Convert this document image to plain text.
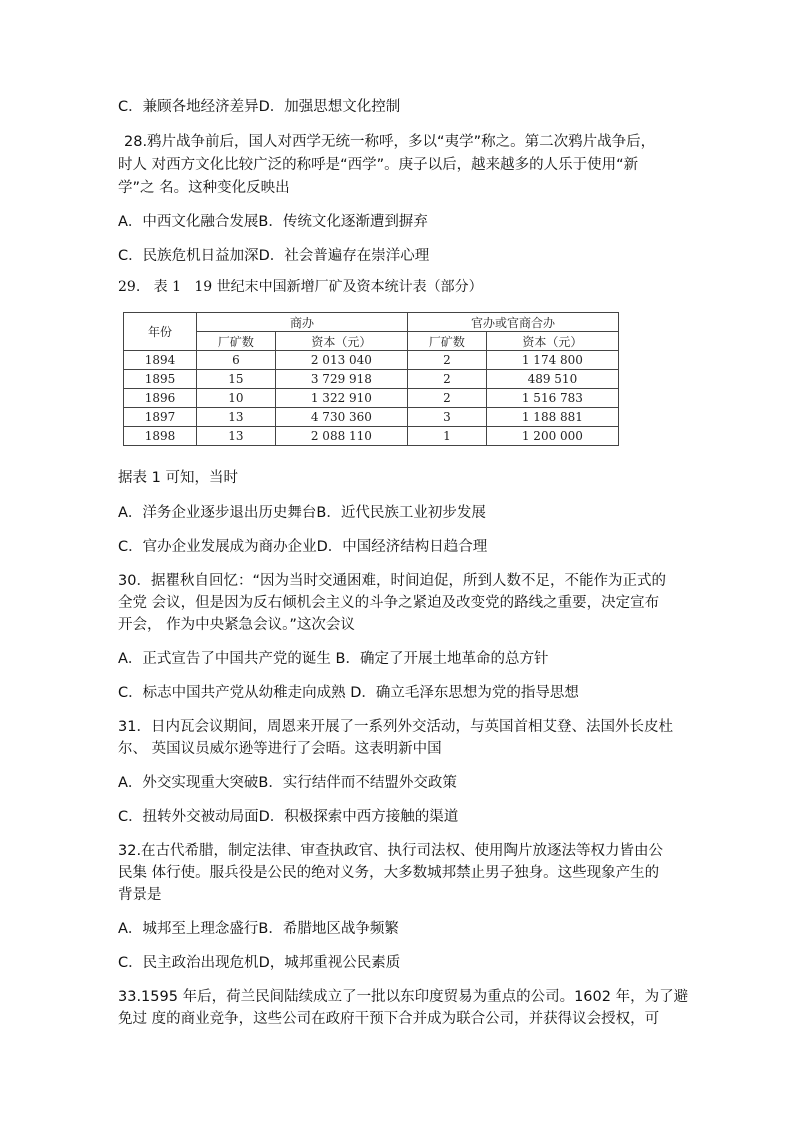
C．兼顾各地经济差异D．加强思想文化控制
28.鸦片战争前后，国人对西学无统一称呼，多以“夷学”称之。第二次鸦片战争后，
时人 对西方文化比较广泛的称呼是“西学”。庚子以后，越来越多的人乐于使用“新
学”之 名。这种变化反映出
A．中西文化融合发展B．传统文化逐渐遭到摒弃
C．民族危机日益加深D．社会普遍存在崇洋心理
29.   表 1   19 世纪末中国新增厂矿及资本统计表（部分）
年份	商办		官办或官商合办	
	厂矿数	资本（元）	厂矿数	资本（元）
1894	6	2 013 040	2	1 174 800
1895	15	3 729 918	2	489 510
1896	10	1 322 910	2	1 516 783
1897	13	4 730 360	3	1 188 881
1898	13	2 088 110	1	1 200 000
据表 1 可知，当时
A．洋务企业逐步退出历史舞台B．近代民族工业初步发展
C．官办企业发展成为商办企业D．中国经济结构日趋合理
30．据瞿秋自回忆：“因为当时交通困难，时间迫促，所到人数不足，不能作为正式的
全党 会议，但是因为反右倾机会主义的斗争之紧迫及改变党的路线之重要，决定宣布
开会， 作为中央紧急会议。”这次会议
A．正式宣告了中国共产党的诞生 B．确定了开展土地革命的总方针
C．标志中国共产党从幼稚走向成熟 D．确立毛泽东思想为党的指导思想
31．日内瓦会议期间，周恩来开展了一系列外交活动，与英国首相艾登、法国外长皮杜
尔、 英国议员威尔逊等进行了会晤。这表明新中国
A．外交实现重大突破B．实行结伴而不结盟外交政策
C．扭转外交被动局面D．积极探索中西方接触的渠道
32.在古代希腊，制定法律、审查执政官、执行司法权、使用陶片放逐法等权力皆由公
民集 体行使。服兵役是公民的绝对义务，大多数城邦禁止男子独身。这些现象产生的
背景是
A．城邦至上理念盛行B．希腊地区战争频繁
C．民主政治出现危机D，城邦重视公民素质
33.1595 年后，荷兰民间陆续成立了一批以东印度贸易为重点的公司。1602 年，为了避
免过 度的商业竞争，这些公司在政府干预下合并成为联合公司，并获得议会授权，可
